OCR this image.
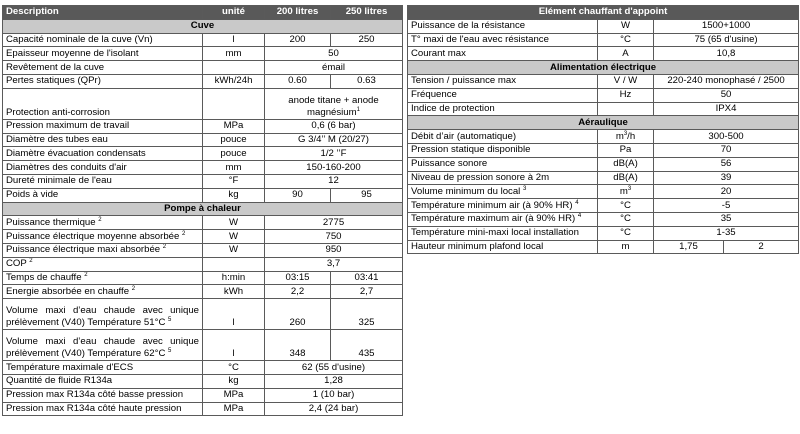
Description	unité	200 litres	250 litres
Cuve			
Capacité nominale de la cuve (Vn)	l	200	250
Epaisseur moyenne de l'isolant	mm	50	
Revêtement de la cuve		émail	
Pertes statiques (QPr)	kWh/24h	0.60	0.63
Protection anti-corrosion		anode titane + anode magnésium$^1$
Pression maximum de travail	MPa	0,6 (6 bar)	
Diamètre des tubes eau	pouce	G 3/4’’ M (20/27)	
Diamètre évacuation condensats	pouce	1/2 ’’F	
Diamètres des conduits d'air	mm	150-160-200	
Dureté minimale de l'eau	°F	12	
Poids à vide	kg	90	95
Pompe à chaleur			
Puissance thermique $^2$	W	2775	
Puissance électrique moyenne absorbée $^2$	W	750	
Puissance électrique maxi absorbée $^2$	W	950	
COP $^2$		3,7	
Temps de chauffe $^2$	h:min	03:15	03:41
Energie absorbée en chauffe $^2$	kWh	2,2	2,7
Volume maxi d’eau chaude avec unique prélèvement (V40) Température 51°C $^5$	l	260	325
Volume maxi d’eau chaude avec unique prélèvement (V40) Température 62°C $^5$	l	348	435
Température maximale d'ECS	°C	62 (55 d'usine)	
Quantité de fluide R134a	kg	1,28	
Pression max R134a côté basse pression	MPa	1 (10 bar)	
Pression max R134a côté haute pression	MPa	2,4 (24 bar)	
Elément chauffant d'appoint			
Puissance de la résistance	W	1500+1000	
T° maxi de l'eau avec résistance	°C	75 (65 d'usine)	
Courant max	A	10,8	
Alimentation électrique			
Tension / puissance max	V / W	220-240 monophasé / 2500	
Fréquence	Hz	50	
Indice de protection		IPX4	
Aéraulique			
Débit d’air (automatique)	$m^3/h$	300-500	
Pression statique disponible	Pa	70	
Puissance sonore	dB(A)	56	
Niveau de pression sonore à 2m	dB(A)	39	
Volume minimum du local $^3$	$m^3$	20	
Température minimum air (à 90% HR) $^4$	°C	-5	
Température maximum air (à 90% HR) $^4$	°C	35	
Température mini-maxi local installation	°C	1-35	
Hauteur minimum plafond local	m	1,75	2
